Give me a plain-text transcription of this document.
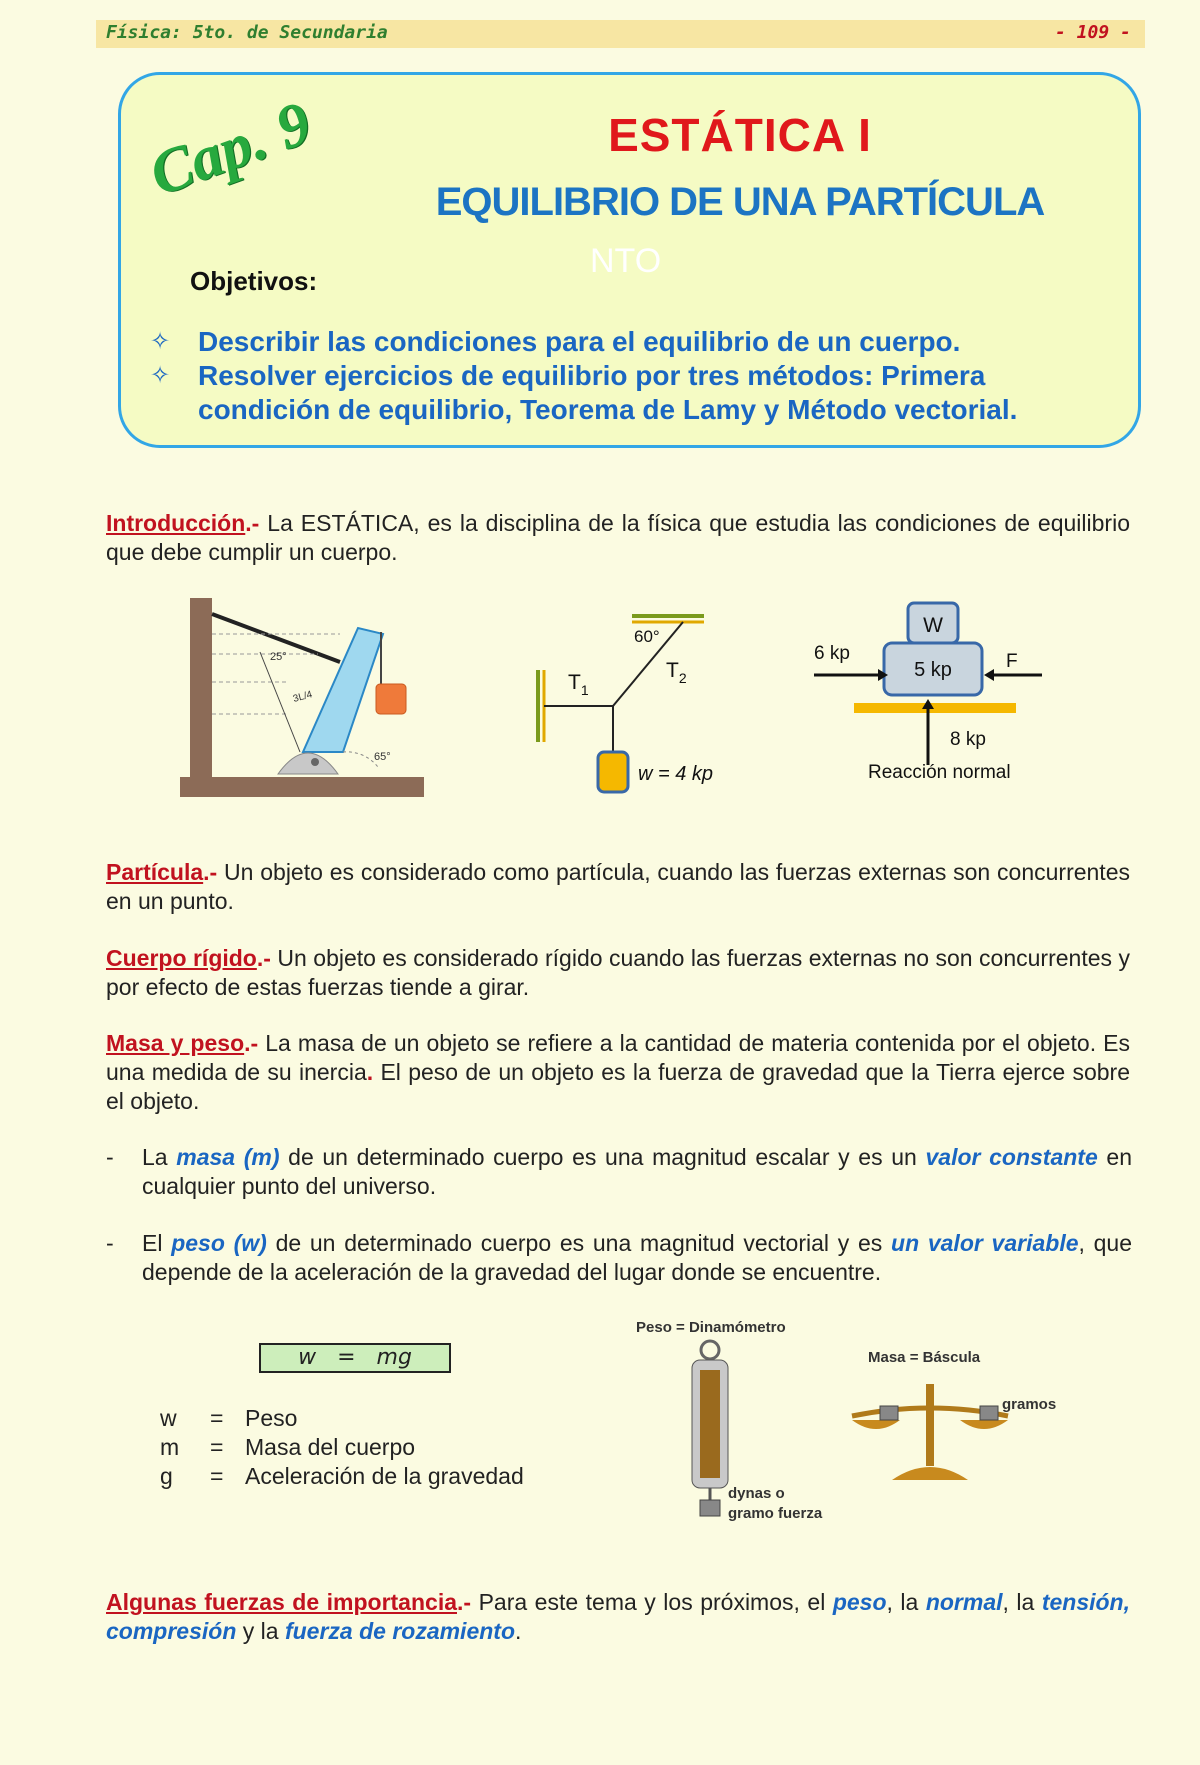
Física: 5to. de Secundaria	- 109 -
Cap. 9	ESTÁTICA I
EQUILIBRIO DE UNA PARTÍCULA
NTO
Objetivos:
✧ Describir las condiciones para el equilibrio de un cuerpo.
✧ Resolver ejercicios de equilibrio por tres métodos: Primera condición de equilibrio, Teorema de Lamy y Método vectorial.
Introducción.- La ESTÁTICA, es la disciplina de la física que estudia las condiciones de equilibrio que debe cumplir un cuerpo.
25°
3L/4
65°
60°
$T_1$
$T_2$
w = 4 kp
W
5 kp
6 kp	F
8 kp
Reacción normal
Partícula.- Un objeto es considerado como partícula, cuando las fuerzas externas son concurrentes en un punto.
Cuerpo rígido.- Un objeto es considerado rígido cuando las fuerzas externas no son concurrentes y por efecto de estas fuerzas tiende a girar.
Masa y peso.- La masa de un objeto se refiere a la cantidad de materia contenida por el objeto. Es una medida de su inercia. El peso de un objeto es la fuerza de gravedad que la Tierra ejerce sobre el objeto.
-	La masa (m) de un determinado cuerpo es una magnitud escalar y es un valor constante en cualquier punto del universo.
-	El peso (w) de un determinado cuerpo es una magnitud vectorial y es un valor variable, que depende de la aceleración de la gravedad del lugar donde se encuentre.
w = mg
w = Peso
m = Masa del cuerpo
g = Aceleración de la gravedad
Peso = Dinamómetro
dynas o
gramo fuerza
Masa = Báscula
gramos
Algunas fuerzas de importancia.- Para este tema y los próximos, el peso, la normal, la tensión, compresión y la fuerza de rozamiento.
